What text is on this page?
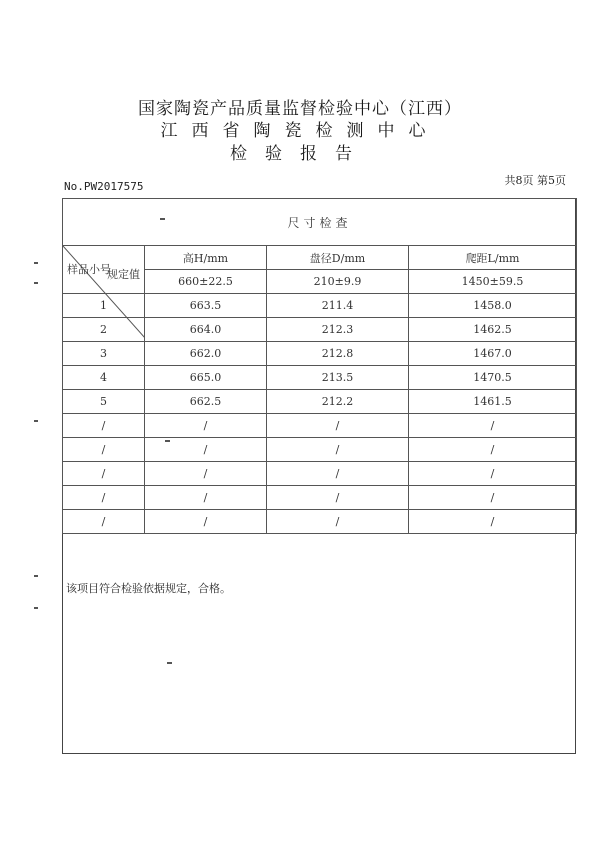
国家陶瓷产品质量监督检验中心（江西）
江西省陶瓷检测中心
检验报告
No.PW2017575	共8页 第5页
尺寸检查			

规定值
样品小号	高H/mm	盘径D/mm	爬距L/mm
	660±22.5	210±9.9	1450±59.5
1	663.5	211.4	1458.0
2	664.0	212.3	1462.5
3	662.0	212.8	1467.0
4	665.0	213.5	1470.5
5	662.5	212.2	1461.5
/	/	/	/
/	/	/	/
/	/	/	/
/	/	/	/
/	/	/	/
该项目符合检验依据规定，合格。
